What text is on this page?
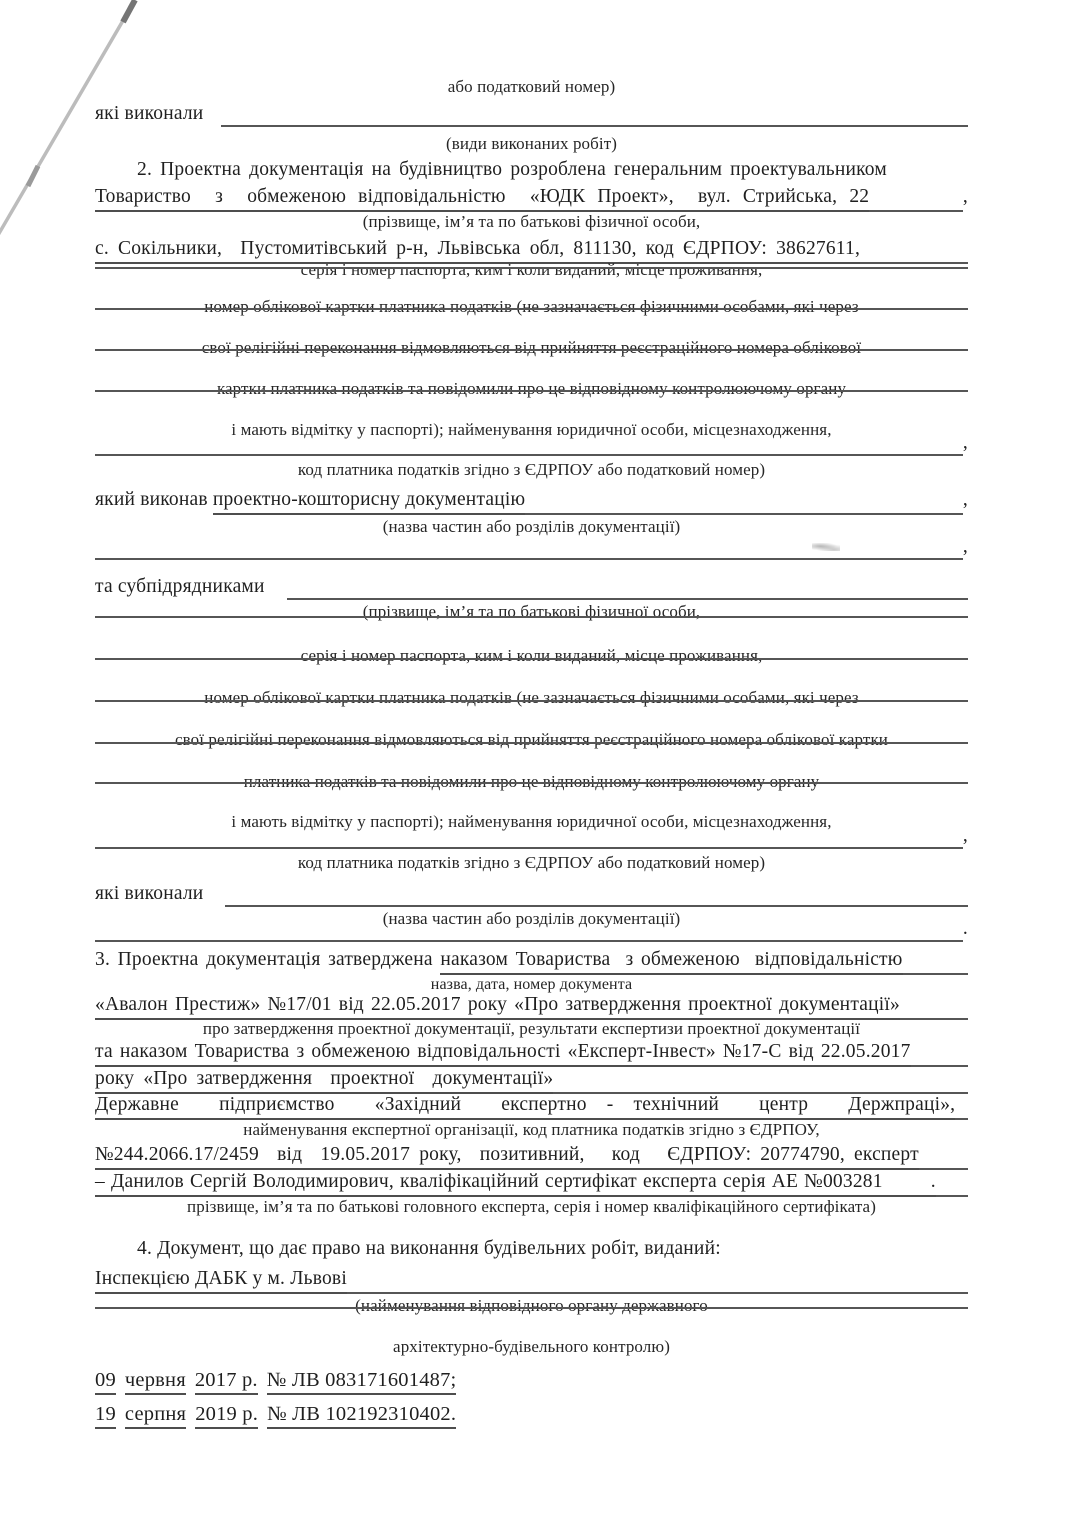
або податковий номер)
які виконали
(види виконаних робіт)
2. Проектна документація на будівництво розроблена генеральним проектувальником
Товариство  з  обмеженою відповідальністю  «ЮДК Проект»,  вул. Стрийська, 22	,
(прізвище, ім’я та по батькові фізичної особи,
с. Сокільники,  Пустомитівський р-н, Львівська обл, 811130, код ЄДРПОУ: 38627611,
серія і номер паспорта, ким і коли виданий, місце проживання,
номер облікової картки платника податків (не зазначається фізичними особами, які через
свої релігійні переконання відмовляються від прийняття реєстраційного номера облікової
картки платника податків та повідомили про це відповідному контролюючому органу
і мають відмітку у паспорті); найменування юридичної особи, місцезнаходження,
,
код платника податків згідно з ЄДРПОУ або податковий номер)
який виконав проектно-кошторисну документацію	,
(назва частин або розділів документації)
,
та субпідрядниками
(прізвище, ім’я та по батькові фізичної особи,
серія і номер паспорта, ким і коли виданий, місце проживання,
номер облікової картки платника податків (не зазначається фізичними особами, які через
свої релігійні переконання відмовляються від прийняття реєстраційного номера облікової картки
платника податків та повідомили про це відповідному контролюючому органу
і мають відмітку у паспорті); найменування юридичної особи, місцезнаходження,
,
код платника податків згідно з ЄДРПОУ або податковий номер)
які виконали
(назва частин або розділів документації)	.
3. Проектна документація затверджена наказом Товариства  з обмеженою  відповідальністю
назва, дата, номер документа
«Авалон Престиж» №17/01 від 22.05.2017 року «Про затвердження проектної документації»
про затвердження проектної документації, результати експертизи проектної документації
та наказом Товариства з обмеженою відповідальності «Експерт-Інвест» №17-С від 22.05.2017
року «Про затвердження  проектної  документації»
Державне  підприємство  «Західний  експертно - технічний  центр  Держпраці»,
найменування експертної організації, код платника податків згідно з ЄДРПОУ,
№244.2066.17/2459  від  19.05.2017 року,  позитивний,   код   ЄДРПОУ: 20774790, експерт
– Данилов Сергій Володимирович, кваліфікаційний сертифікат експерта серія АЕ №003281 .
прізвище, ім’я та по батькові головного експерта, серія і номер кваліфікаційного сертифіката)
4. Документ, що дає право на виконання будівельних робіт, виданий:
Інспекцією ДАБК у м. Львові
(найменування відповідного органу державного
архітектурно-будівельного контролю)
09 червня 2017 р. № ЛВ 083171601487;
19 серпня 2019 р. № ЛВ 102192310402.
